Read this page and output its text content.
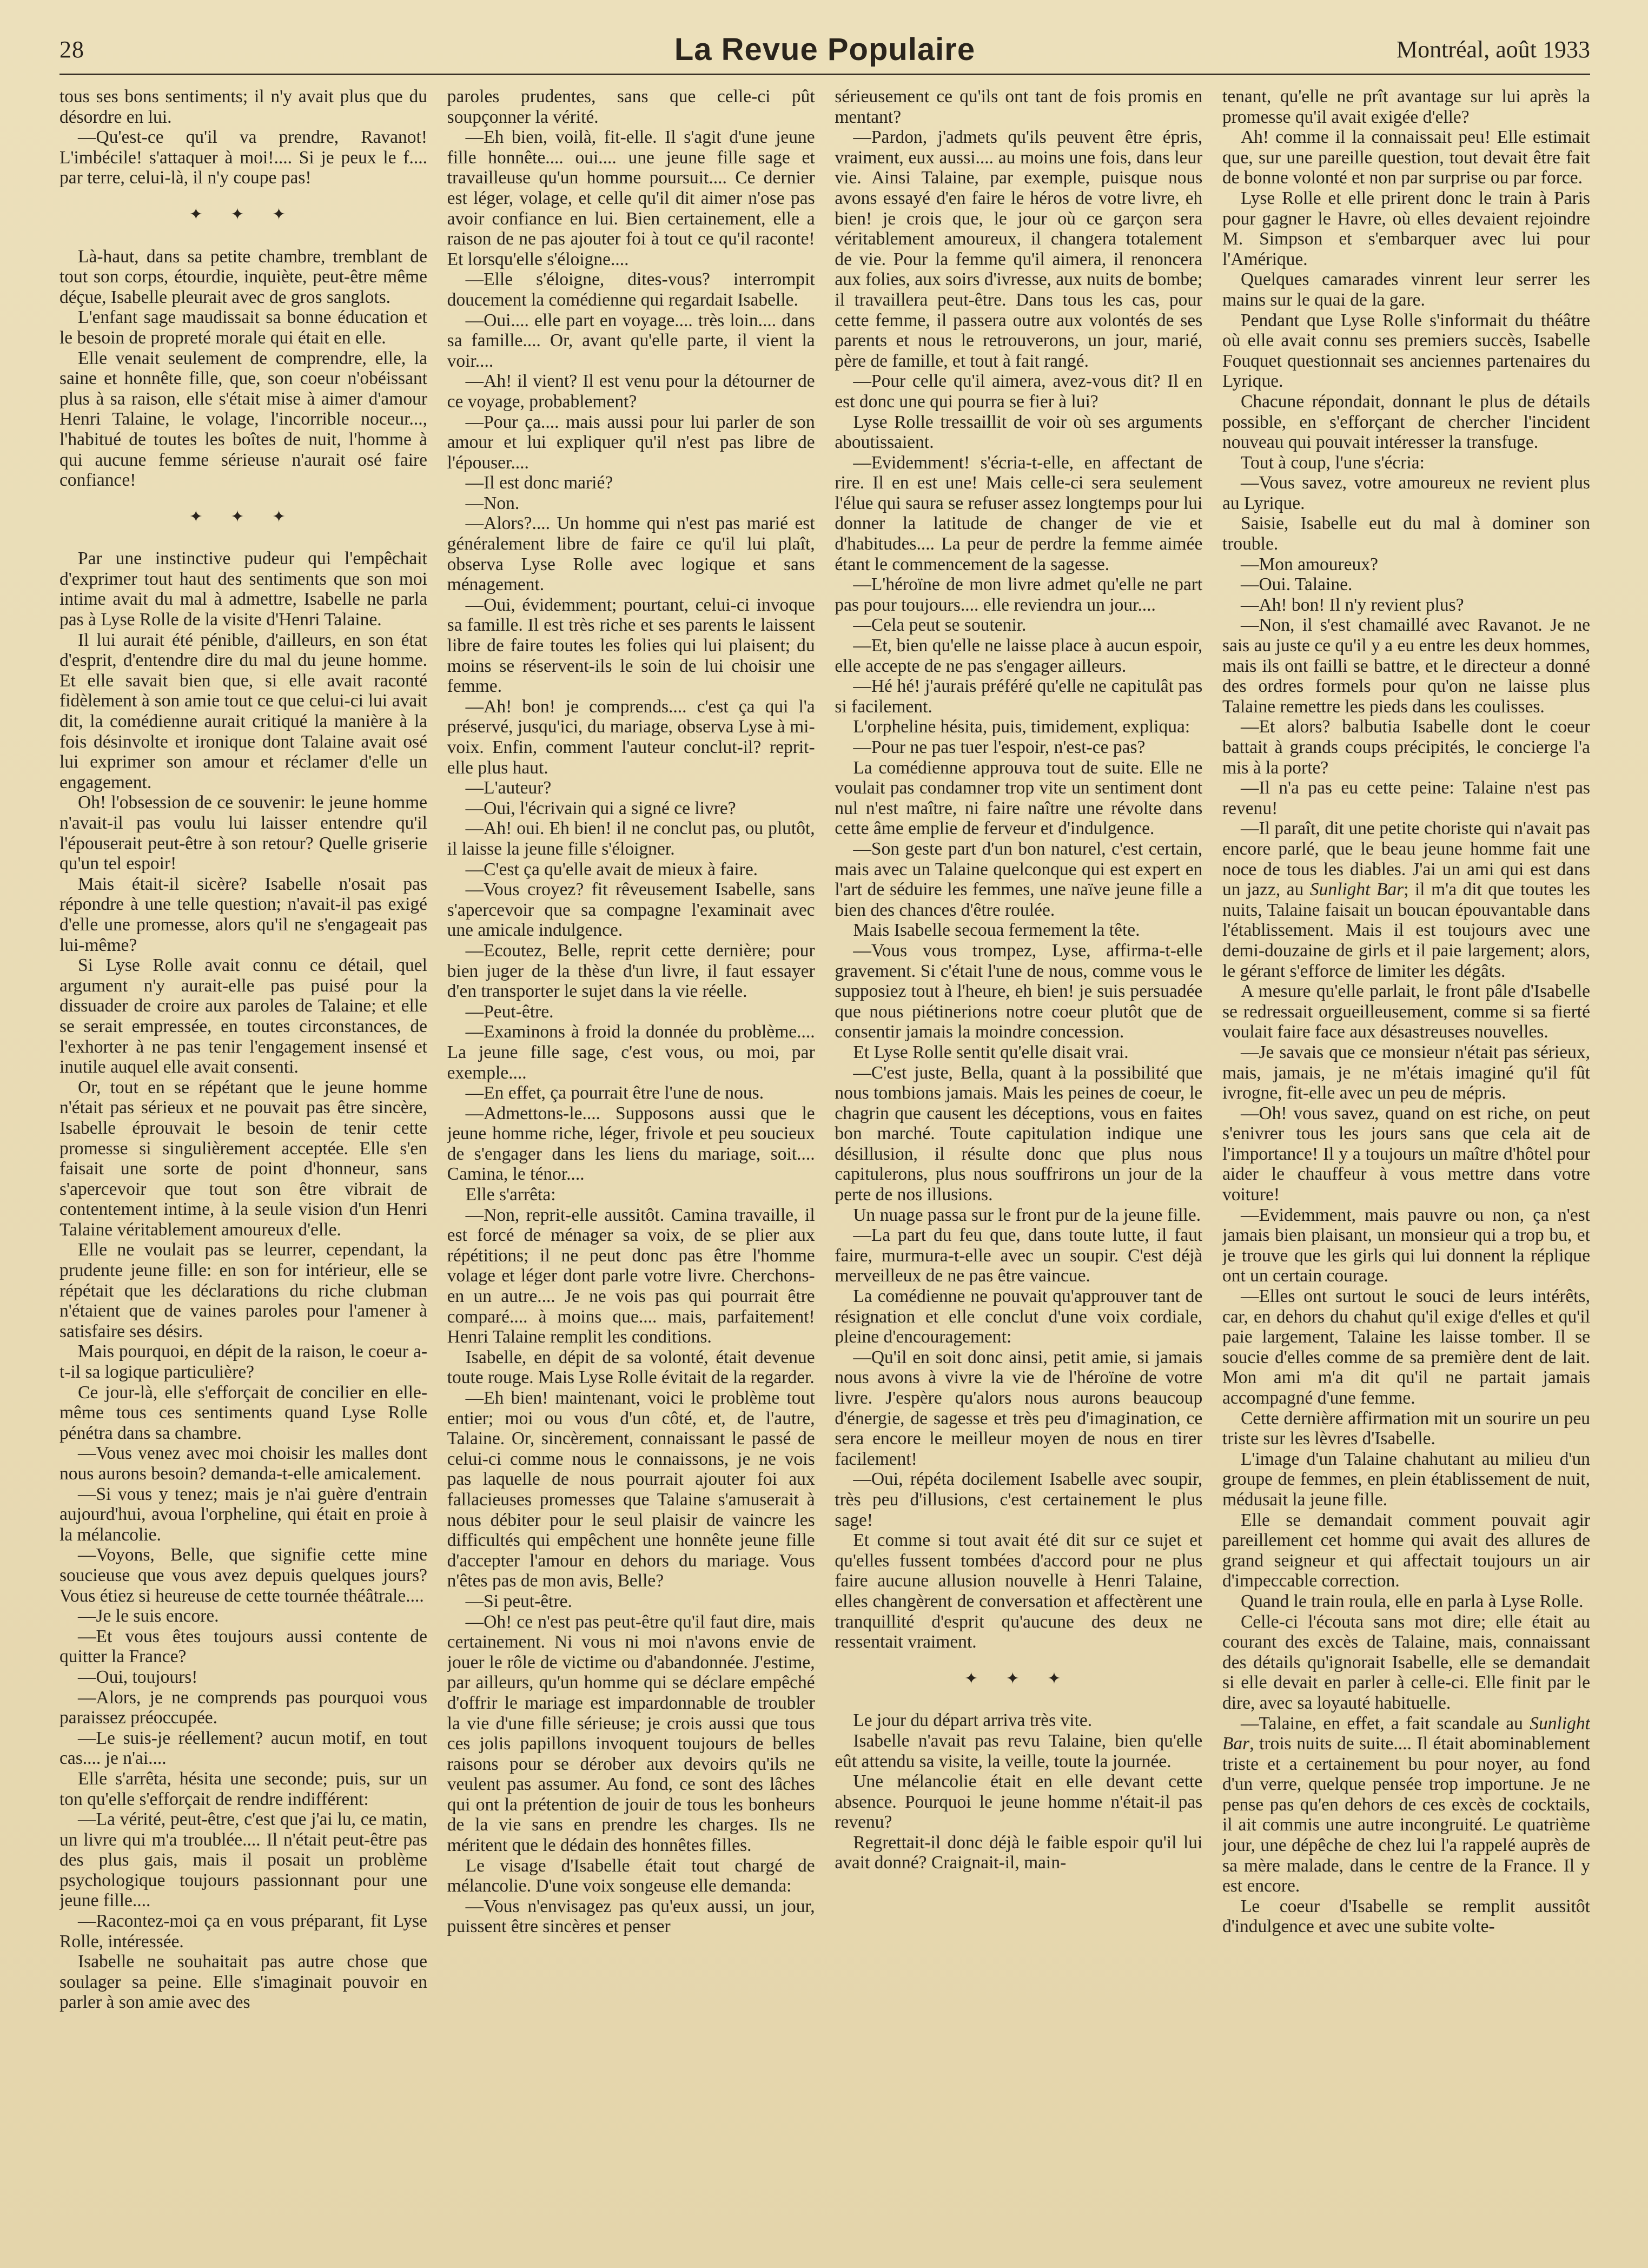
28	La Revue Populaire	Montréal, août 1933

tous ses bons sentiments; il n'y avait plus que du désordre en lui.

—Qu'est-ce qu'il va prendre, Ravanot! L'imbécile! s'attaquer à moi!.... Si je peux le f.... par terre, celui-là, il n'y coupe pas!

✦ ✦ ✦

Là-haut, dans sa petite chambre, tremblant de tout son corps, étourdie, inquiète, peut-être même déçue, Isabelle pleurait avec de gros sanglots.

L'enfant sage maudissait sa bonne éducation et le besoin de propreté morale qui était en elle.

Elle venait seulement de comprendre, elle, la saine et honnête fille, que, son coeur n'obéissant plus à sa raison, elle s'était mise à aimer d'amour Henri Talaine, le volage, l'incorrible noceur..., l'habitué de toutes les boîtes de nuit, l'homme à qui aucune femme sérieuse n'aurait osé faire confiance!

✦ ✦ ✦

Par une instinctive pudeur qui l'empêchait d'exprimer tout haut des sentiments que son moi intime avait du mal à admettre, Isabelle ne parla pas à Lyse Rolle de la visite d'Henri Talaine.

Il lui aurait été pénible, d'ailleurs, en son état d'esprit, d'entendre dire du mal du jeune homme. Et elle savait bien que, si elle avait raconté fidèlement à son amie tout ce que celui-ci lui avait dit, la comédienne aurait critiqué la manière à la fois désinvolte et ironique dont Talaine avait osé lui exprimer son amour et réclamer d'elle un engagement.

Oh! l'obsession de ce souvenir: le jeune homme n'avait-il pas voulu lui laisser entendre qu'il l'épouserait peut-être à son retour? Quelle griserie qu'un tel espoir!

Mais était-il sicère? Isabelle n'osait pas répondre à une telle question; n'avait-il pas exigé d'elle une promesse, alors qu'il ne s'engageait pas lui-même?

Si Lyse Rolle avait connu ce détail, quel argument n'y aurait-elle pas puisé pour la dissuader de croire aux paroles de Talaine; et elle se serait empressée, en toutes circonstances, de l'exhorter à ne pas tenir l'engagement insensé et inutile auquel elle avait consenti.

Or, tout en se répétant que le jeune homme n'était pas sérieux et ne pouvait pas être sincère, Isabelle éprouvait le besoin de tenir cette promesse si singulièrement acceptée. Elle s'en faisait une sorte de point d'honneur, sans s'apercevoir que tout son être vibrait de contentement intime, à la seule vision d'un Henri Talaine véritablement amoureux d'elle.

Elle ne voulait pas se leurrer, cependant, la prudente jeune fille: en son for intérieur, elle se répétait que les déclarations du riche clubman n'étaient que de vaines paroles pour l'amener à satisfaire ses désirs.

Mais pourquoi, en dépit de la raison, le coeur a-t-il sa logique particulière?

Ce jour-là, elle s'efforçait de concilier en elle-même tous ces sentiments quand Lyse Rolle pénétra dans sa chambre.

—Vous venez avec moi choisir les malles dont nous aurons besoin? demanda-t-elle amicalement.

—Si vous y tenez; mais je n'ai guère d'entrain aujourd'hui, avoua l'orpheline, qui était en proie à la mélancolie.

—Voyons, Belle, que signifie cette mine soucieuse que vous avez depuis quelques jours? Vous étiez si heureuse de cette tournée théâtrale....

—Je le suis encore.

—Et vous êtes toujours aussi contente de quitter la France?

—Oui, toujours!

—Alors, je ne comprends pas pourquoi vous paraissez préoccupée.

—Le suis-je réellement? aucun motif, en tout cas.... je n'ai....

Elle s'arrêta, hésita une seconde; puis, sur un ton qu'elle s'efforçait de rendre indifférent:

—La vérité, peut-être, c'est que j'ai lu, ce matin, un livre qui m'a troublée.... Il n'était peut-être pas des plus gais, mais il posait un problème psychologique toujours passionnant pour une jeune fille....

—Racontez-moi ça en vous préparant, fit Lyse Rolle, intéressée.

Isabelle ne souhaitait pas autre chose que soulager sa peine. Elle s'imaginait pouvoir en parler à son amie avec des

paroles prudentes, sans que celle-ci pût soupçonner la vérité.

—Eh bien, voilà, fit-elle. Il s'agit d'une jeune fille honnête.... oui.... une jeune fille sage et travailleuse qu'un homme poursuit.... Ce dernier est léger, volage, et celle qu'il dit aimer n'ose pas avoir confiance en lui. Bien certainement, elle a raison de ne pas ajouter foi à tout ce qu'il raconte! Et lorsqu'elle s'éloigne....

—Elle s'éloigne, dites-vous? interrompit doucement la comédienne qui regardait Isabelle.

—Oui.... elle part en voyage.... très loin.... dans sa famille.... Or, avant qu'elle parte, il vient la voir....

—Ah! il vient? Il est venu pour la détourner de ce voyage, probablement?

—Pour ça.... mais aussi pour lui parler de son amour et lui expliquer qu'il n'est pas libre de l'épouser....

—Il est donc marié?

—Non.

—Alors?.... Un homme qui n'est pas marié est généralement libre de faire ce qu'il lui plaît, observa Lyse Rolle avec logique et sans ménagement.

—Oui, évidemment; pourtant, celui-ci invoque sa famille. Il est très riche et ses parents le laissent libre de faire toutes les folies qui lui plaisent; du moins se réservent-ils le soin de lui choisir une femme.

—Ah! bon! je comprends.... c'est ça qui l'a préservé, jusqu'ici, du mariage, observa Lyse à mi-voix. Enfin, comment l'auteur conclut-il? reprit-elle plus haut.

—L'auteur?

—Oui, l'écrivain qui a signé ce livre?

—Ah! oui. Eh bien! il ne conclut pas, ou plutôt, il laisse la jeune fille s'éloigner.

—C'est ça qu'elle avait de mieux à faire.

—Vous croyez? fit rêveusement Isabelle, sans s'apercevoir que sa compagne l'examinait avec une amicale indulgence.

—Ecoutez, Belle, reprit cette dernière; pour bien juger de la thèse d'un livre, il faut essayer d'en transporter le sujet dans la vie réelle.

—Peut-être.

—Examinons à froid la donnée du problème.... La jeune fille sage, c'est vous, ou moi, par exemple....

—En effet, ça pourrait être l'une de nous.

—Admettons-le.... Supposons aussi que le jeune homme riche, léger, frivole et peu soucieux de s'engager dans les liens du mariage, soit.... Camina, le ténor....

Elle s'arrêta:

—Non, reprit-elle aussitôt. Camina travaille, il est forcé de ménager sa voix, de se plier aux répétitions; il ne peut donc pas être l'homme volage et léger dont parle votre livre. Cherchons-en un autre.... Je ne vois pas qui pourrait être comparé.... à moins que.... mais, parfaitement! Henri Talaine remplit les conditions.

Isabelle, en dépit de sa volonté, était devenue toute rouge. Mais Lyse Rolle évitait de la regarder.

—Eh bien! maintenant, voici le problème tout entier; moi ou vous d'un côté, et, de l'autre, Talaine. Or, sincèrement, connaissant le passé de celui-ci comme nous le connaissons, je ne vois pas laquelle de nous pourrait ajouter foi aux fallacieuses promesses que Talaine s'amuserait à nous débiter pour le seul plaisir de vaincre les difficultés qui empêchent une honnête jeune fille d'accepter l'amour en dehors du mariage. Vous n'êtes pas de mon avis, Belle?

—Si peut-être.

—Oh! ce n'est pas peut-être qu'il faut dire, mais certainement. Ni vous ni moi n'avons envie de jouer le rôle de victime ou d'abandonnée. J'estime, par ailleurs, qu'un homme qui se déclare empêché d'offrir le mariage est impardonnable de troubler la vie d'une fille sérieuse; je crois aussi que tous ces jolis papillons invoquent toujours de belles raisons pour se dérober aux devoirs qu'ils ne veulent pas assumer. Au fond, ce sont des lâches qui ont la prétention de jouir de tous les bonheurs de la vie sans en prendre les charges. Ils ne méritent que le dédain des honnêtes filles.

Le visage d'Isabelle était tout chargé de mélancolie. D'une voix songeuse elle demanda:

—Vous n'envisagez pas qu'eux aussi, un jour, puissent être sincères et penser

sérieusement ce qu'ils ont tant de fois promis en mentant?

—Pardon, j'admets qu'ils peuvent être épris, vraiment, eux aussi.... au moins une fois, dans leur vie. Ainsi Talaine, par exemple, puisque nous avons essayé d'en faire le héros de votre livre, eh bien! je crois que, le jour où ce garçon sera véritablement amoureux, il changera totalement de vie. Pour la femme qu'il aimera, il renoncera aux folies, aux soirs d'ivresse, aux nuits de bombe; il travaillera peut-être. Dans tous les cas, pour cette femme, il passera outre aux volontés de ses parents et nous le retrouverons, un jour, marié, père de famille, et tout à fait rangé.

—Pour celle qu'il aimera, avez-vous dit? Il en est donc une qui pourra se fier à lui?

Lyse Rolle tressaillit de voir où ses arguments aboutissaient.

—Evidemment! s'écria-t-elle, en affectant de rire. Il en est une! Mais celle-ci sera seulement l'élue qui saura se refuser assez longtemps pour lui donner la latitude de changer de vie et d'habitudes.... La peur de perdre la femme aimée étant le commencement de la sagesse.

—L'héroïne de mon livre admet qu'elle ne part pas pour toujours.... elle reviendra un jour....

—Cela peut se soutenir.

—Et, bien qu'elle ne laisse place à aucun espoir, elle accepte de ne pas s'engager ailleurs.

—Hé hé! j'aurais préféré qu'elle ne capitulât pas si facilement.

L'orpheline hésita, puis, timidement, expliqua:

—Pour ne pas tuer l'espoir, n'est-ce pas?

La comédienne approuva tout de suite. Elle ne voulait pas condamner trop vite un sentiment dont nul n'est maître, ni faire naître une révolte dans cette âme emplie de ferveur et d'indulgence.

—Son geste part d'un bon naturel, c'est certain, mais avec un Talaine quelconque qui est expert en l'art de séduire les femmes, une naïve jeune fille a bien des chances d'être roulée.

Mais Isabelle secoua fermement la tête.

—Vous vous trompez, Lyse, affirma-t-elle gravement. Si c'était l'une de nous, comme vous le supposiez tout à l'heure, eh bien! je suis persuadée que nous piétinerions notre coeur plutôt que de consentir jamais la moindre concession.

Et Lyse Rolle sentit qu'elle disait vrai.

—C'est juste, Bella, quant à la possibilité que nous tombions jamais. Mais les peines de coeur, le chagrin que causent les déceptions, vous en faites bon marché. Toute capitulation indique une désillusion, il résulte donc que plus nous capitulerons, plus nous souffrirons un jour de la perte de nos illusions.

Un nuage passa sur le front pur de la jeune fille.

—La part du feu que, dans toute lutte, il faut faire, murmura-t-elle avec un soupir. C'est déjà merveilleux de ne pas être vaincue.

La comédienne ne pouvait qu'approuver tant de résignation et elle conclut d'une voix cordiale, pleine d'encouragement:

—Qu'il en soit donc ainsi, petit amie, si jamais nous avons à vivre la vie de l'héroïne de votre livre. J'espère qu'alors nous aurons beaucoup d'énergie, de sagesse et très peu d'imagination, ce sera encore le meilleur moyen de nous en tirer facilement!

—Oui, répéta docilement Isabelle avec soupir, très peu d'illusions, c'est certainement le plus sage!

Et comme si tout avait été dit sur ce sujet et qu'elles fussent tombées d'accord pour ne plus faire aucune allusion nouvelle à Henri Talaine, elles changèrent de conversation et affectèrent une tranquillité d'esprit qu'aucune des deux ne ressentait vraiment.

✦ ✦ ✦

Le jour du départ arriva très vite.

Isabelle n'avait pas revu Talaine, bien qu'elle eût attendu sa visite, la veille, toute la journée.

Une mélancolie était en elle devant cette absence. Pourquoi le jeune homme n'était-il pas revenu?

Regrettait-il donc déjà le faible espoir qu'il lui avait donné? Craignait-il, main-

tenant, qu'elle ne prît avantage sur lui après la promesse qu'il avait exigée d'elle?

Ah! comme il la connaissait peu! Elle estimait que, sur une pareille question, tout devait être fait de bonne volonté et non par surprise ou par force.

Lyse Rolle et elle prirent donc le train à Paris pour gagner le Havre, où elles devaient rejoindre M. Simpson et s'embarquer avec lui pour l'Amérique.

Quelques camarades vinrent leur serrer les mains sur le quai de la gare.

Pendant que Lyse Rolle s'informait du théâtre où elle avait connu ses premiers succès, Isabelle Fouquet questionnait ses anciennes partenaires du Lyrique.

Chacune répondait, donnant le plus de détails possible, en s'efforçant de chercher l'incident nouveau qui pouvait intéresser la transfuge.

Tout à coup, l'une s'écria:

—Vous savez, votre amoureux ne revient plus au Lyrique.

Saisie, Isabelle eut du mal à dominer son trouble.

—Mon amoureux?

—Oui. Talaine.

—Ah! bon! Il n'y revient plus?

—Non, il s'est chamaillé avec Ravanot. Je ne sais au juste ce qu'il y a eu entre les deux hommes, mais ils ont failli se battre, et le directeur a donné des ordres formels pour qu'on ne laisse plus Talaine remettre les pieds dans les coulisses.

—Et alors? balbutia Isabelle dont le coeur battait à grands coups précipités, le concierge l'a mis à la porte?

—Il n'a pas eu cette peine: Talaine n'est pas revenu!

—Il paraît, dit une petite choriste qui n'avait pas encore parlé, que le beau jeune homme fait une noce de tous les diables. J'ai un ami qui est dans un jazz, au Sunlight Bar; il m'a dit que toutes les nuits, Talaine faisait un boucan épouvantable dans l'établissement. Mais il est toujours avec une demi-douzaine de girls et il paie largement; alors, le gérant s'efforce de limiter les dégâts.

A mesure qu'elle parlait, le front pâle d'Isabelle se redressait orgueilleusement, comme si sa fierté voulait faire face aux désastreuses nouvelles.

—Je savais que ce monsieur n'était pas sérieux, mais, jamais, je ne m'étais imaginé qu'il fût ivrogne, fit-elle avec un peu de mépris.

—Oh! vous savez, quand on est riche, on peut s'enivrer tous les jours sans que cela ait de l'importance! Il y a toujours un maître d'hôtel pour aider le chauffeur à vous mettre dans votre voiture!

—Evidemment, mais pauvre ou non, ça n'est jamais bien plaisant, un monsieur qui a trop bu, et je trouve que les girls qui lui donnent la réplique ont un certain courage.

—Elles ont surtout le souci de leurs intérêts, car, en dehors du chahut qu'il exige d'elles et qu'il paie largement, Talaine les laisse tomber. Il se soucie d'elles comme de sa première dent de lait. Mon ami m'a dit qu'il ne partait jamais accompagné d'une femme.

Cette dernière affirmation mit un sourire un peu triste sur les lèvres d'Isabelle.

L'image d'un Talaine chahutant au milieu d'un groupe de femmes, en plein établissement de nuit, médusait la jeune fille.

Elle se demandait comment pouvait agir pareillement cet homme qui avait des allures de grand seigneur et qui affectait toujours un air d'impeccable correction.

Quand le train roula, elle en parla à Lyse Rolle.

Celle-ci l'écouta sans mot dire; elle était au courant des excès de Talaine, mais, connaissant des détails qu'ignorait Isabelle, elle se demandait si elle devait en parler à celle-ci. Elle finit par le dire, avec sa loyauté habituelle.

—Talaine, en effet, a fait scandale au Sunlight Bar, trois nuits de suite.... Il était abominablement triste et a certainement bu pour noyer, au fond d'un verre, quelque pensée trop importune. Je ne pense pas qu'en dehors de ces excès de cocktails, il ait commis une autre incongruité. Le quatrième jour, une dépêche de chez lui l'a rappelé auprès de sa mère malade, dans le centre de la France. Il y est encore.

Le coeur d'Isabelle se remplit aussitôt d'indulgence et avec une subite volte-
